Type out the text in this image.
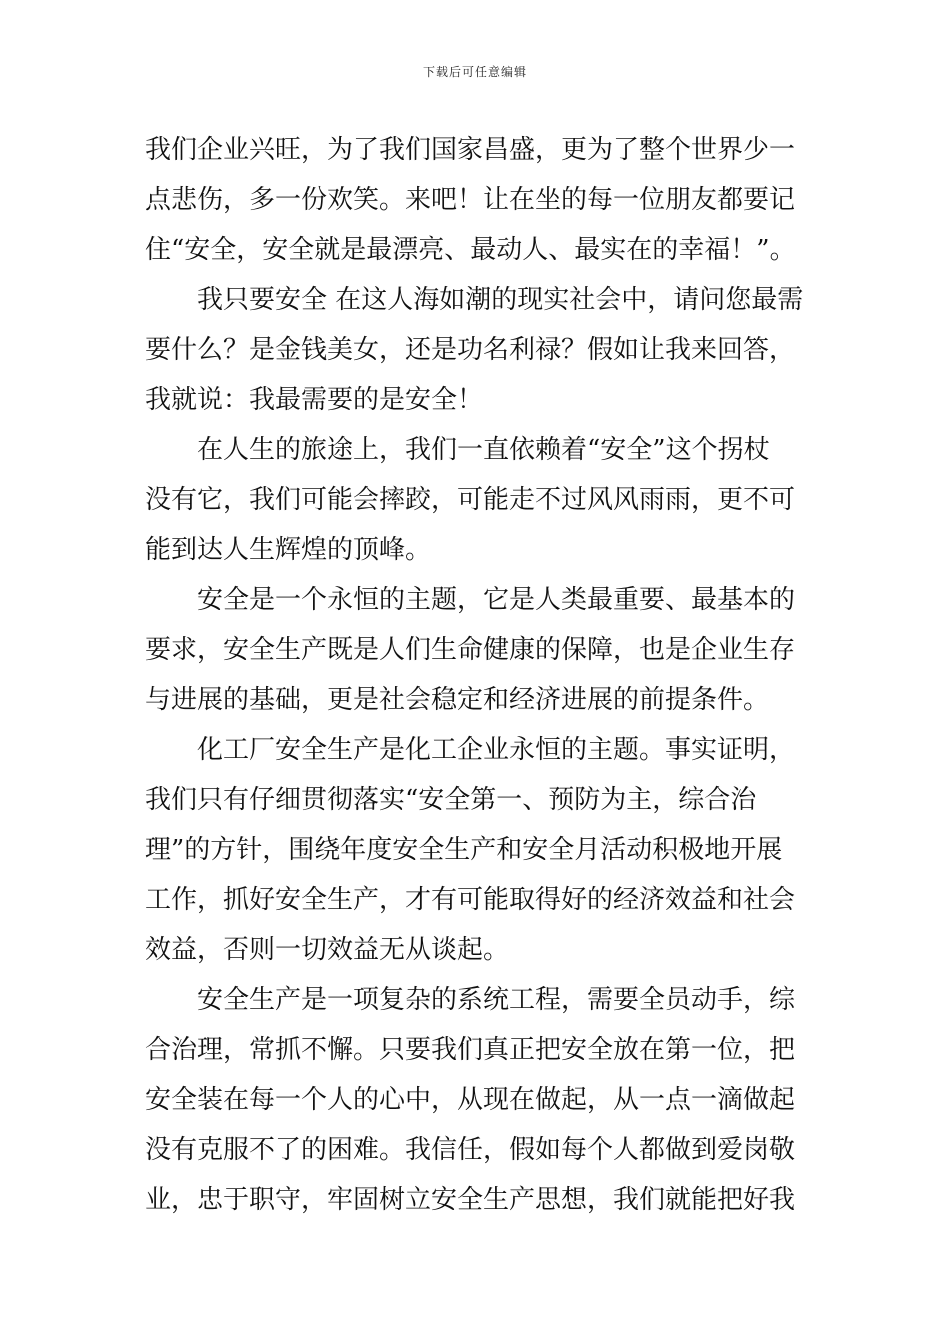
下载后可任意编辑
我们企业兴旺，为了我们国家昌盛，更为了整个世界少一
点悲伤，多一份欢笑。来吧！让在坐的每一位朋友都要记
住“安全，安全就是最漂亮、最动人、最实在的幸福！”。
我只要安全 在这人海如潮的现实社会中，请问您最需
要什么？是金钱美女，还是功名利禄？假如让我来回答，
我就说：我最需要的是安全！
在人生的旅途上，我们一直依赖着“安全”这个拐杖
没有它，我们可能会摔跤，可能走不过风风雨雨，更不可
能到达人生辉煌的顶峰。
安全是一个永恒的主题，它是人类最重要、最基本的
要求，安全生产既是人们生命健康的保障，也是企业生存
与进展的基础，更是社会稳定和经济进展的前提条件。
化工厂安全生产是化工企业永恒的主题。事实证明，
我们只有仔细贯彻落实“安全第一、预防为主，综合治
理”的方针，围绕年度安全生产和安全月活动积极地开展
工作，抓好安全生产，才有可能取得好的经济效益和社会
效益，否则一切效益无从谈起。
安全生产是一项复杂的系统工程，需要全员动手，综
合治理，常抓不懈。只要我们真正把安全放在第一位，把
安全装在每一个人的心中，从现在做起，从一点一滴做起
没有克服不了的困难。我信任，假如每个人都做到爱岗敬
业，忠于职守，牢固树立安全生产思想，我们就能把好我
